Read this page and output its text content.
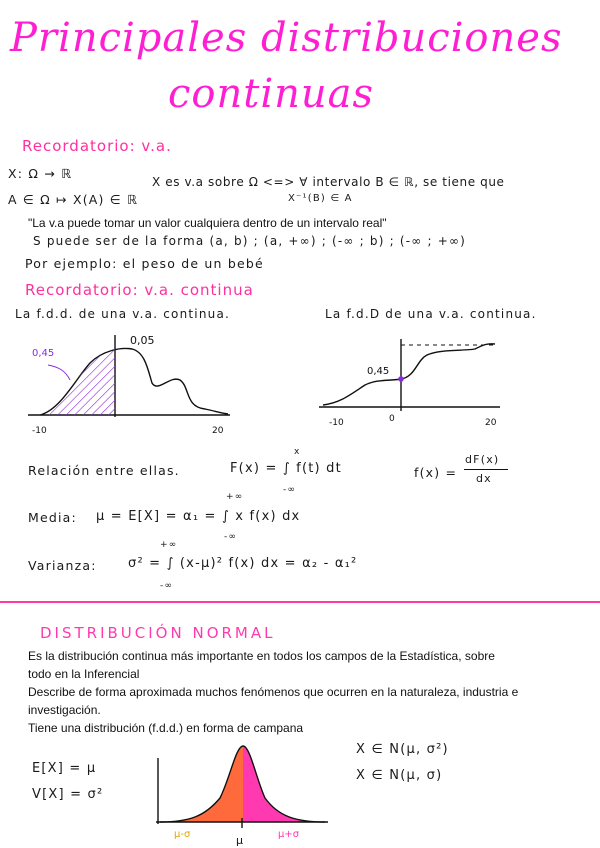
Principales distribuciones
continuas
Recordatorio: v.a.
X: Ω → ℝ
A ∈ Ω ↦ X(A) ∈ ℝ
X es v.a sobre Ω <=> ∀ intervalo B ∈ ℝ, se tiene que
X⁻¹(B) ∈ A
"La v.a puede tomar un valor cualquiera dentro de un intervalo real"
S puede ser de la forma (a, b) ; (a, +∞) ; (-∞ ; b) ; (-∞ ; +∞)
Por ejemplo: el peso de un bebé
Recordatorio: v.a. continua
La f.d.d. de una v.a. continua.	La f.d.D de una v.a. continua.
0,45
0,05
-10	20
0,45
-10	0	20
Relación entre ellas.
x
F(x) = ∫ f(t) dt
-∞
f(x) =
dF(x)
dx
Media:
+∞
μ = E[X] = α₁ = ∫ x f(x) dx
-∞
Varianza:
+∞
σ² = ∫ (x-μ)² f(x) dx = α₂ - α₁²
-∞
DISTRIBUCIÓN NORMAL
Es la distribución continua más importante en todos los campos de la Estadística, sobre
todo en la Inferencial
Describe de forma aproximada muchos fenómenos que ocurren en la naturaleza, industria e
investigación.
Tiene una distribución (f.d.d.) en forma de campana
X ∈ N(μ, σ²)
X ∈ N(μ, σ)
E[X] = μ
V[X] = σ²
μ-σ	μ	μ+σ
